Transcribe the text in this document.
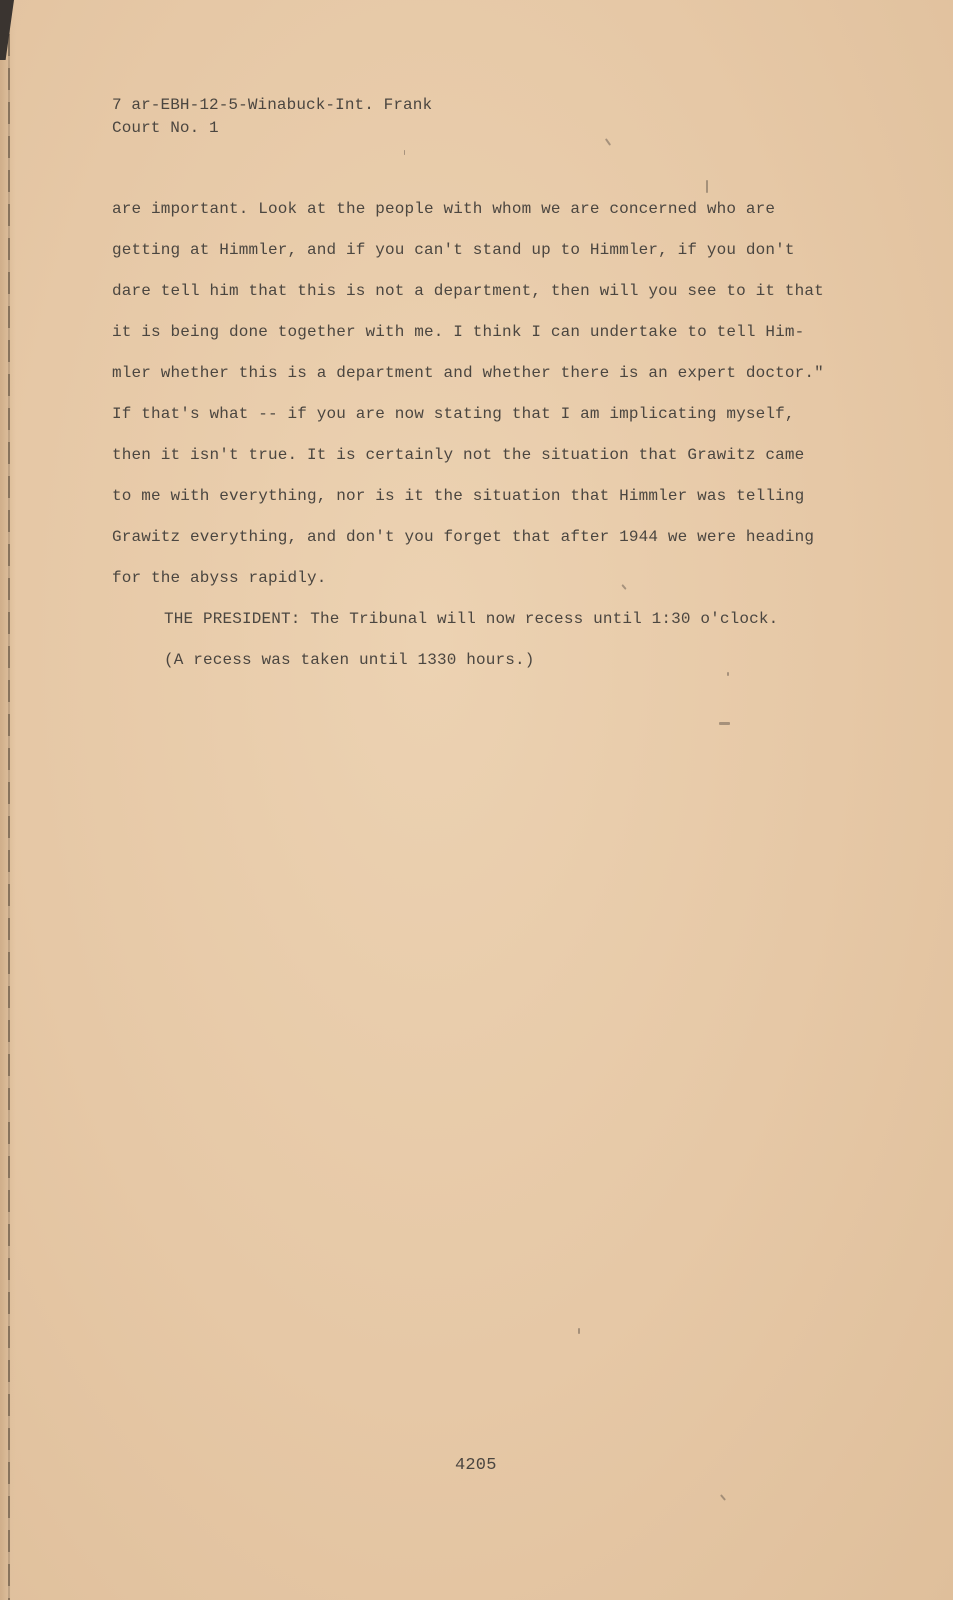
7 ar-EBH-12-5-Winabuck-Int. Frank
Court No. 1
are important. Look at the people with whom we are concerned who are
getting at Himmler, and if you can't stand up to Himmler, if you don't
dare tell him that this is not a department, then will you see to it that
it is being done together with me. I think I can undertake to tell Him-
mler whether this is a department and whether there is an expert doctor."
If that's what -- if you are now stating that I am implicating myself,
then it isn't true. It is certainly not the situation that Grawitz came
to me with everything, nor is it the situation that Himmler was telling
Grawitz everything, and don't you forget that after 1944 we were heading
for the abyss rapidly.
THE PRESIDENT: The Tribunal will now recess until 1:30 o'clock.
(A recess was taken until 1330 hours.)
4205
